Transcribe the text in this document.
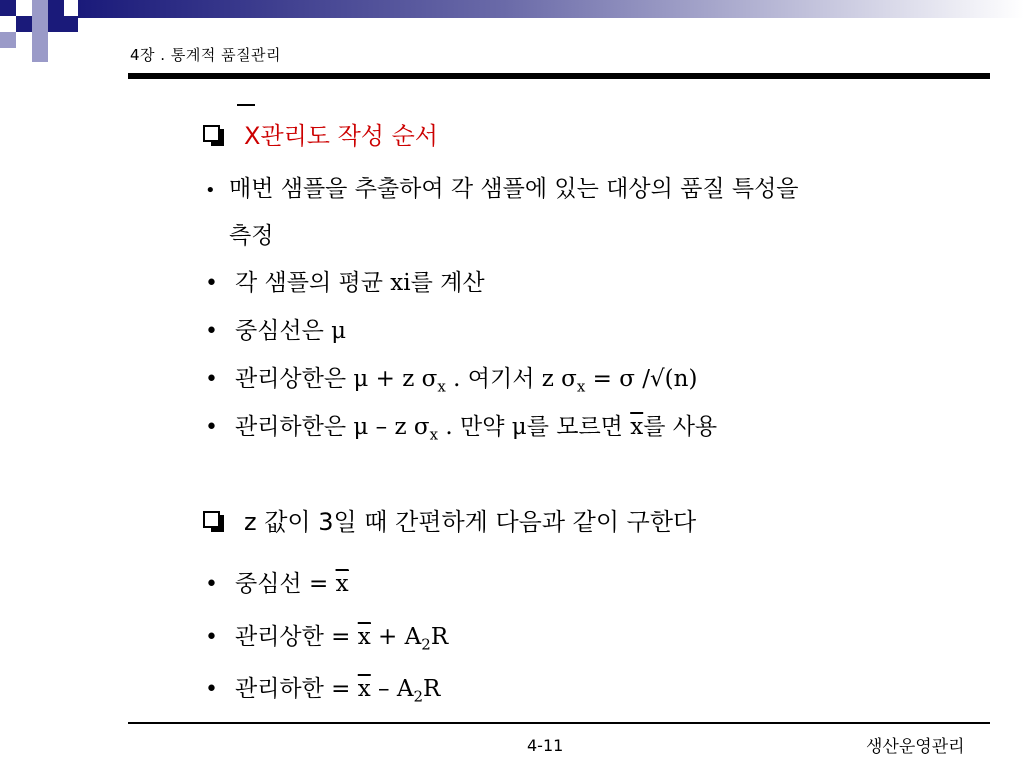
4장 . 통계적 품질관리
X관리도 작성 순서
• 매번 샘플을 추출하여 각 샘플에 있는 대상의 품질 특성을
측정
• 각 샘플의 평균 xi를 계산
• 중심선은 μ
• 관리상한은 μ + z $\sigma_x$ . 여기서 z $\sigma_x = \sigma$ /√(n)
• 관리하한은 μ – z $\sigma_x$ . 만약 μ를 모르면 $\overline{x}$를 사용
z 값이 3일 때 간편하게 다음과 같이 구한다
• 중심선 = $\overline{x}$
• 관리상한 = $\overline{x} + A_2R$
• 관리하한 = $\overline{x} - A_2R$
4-11	생산운영관리
